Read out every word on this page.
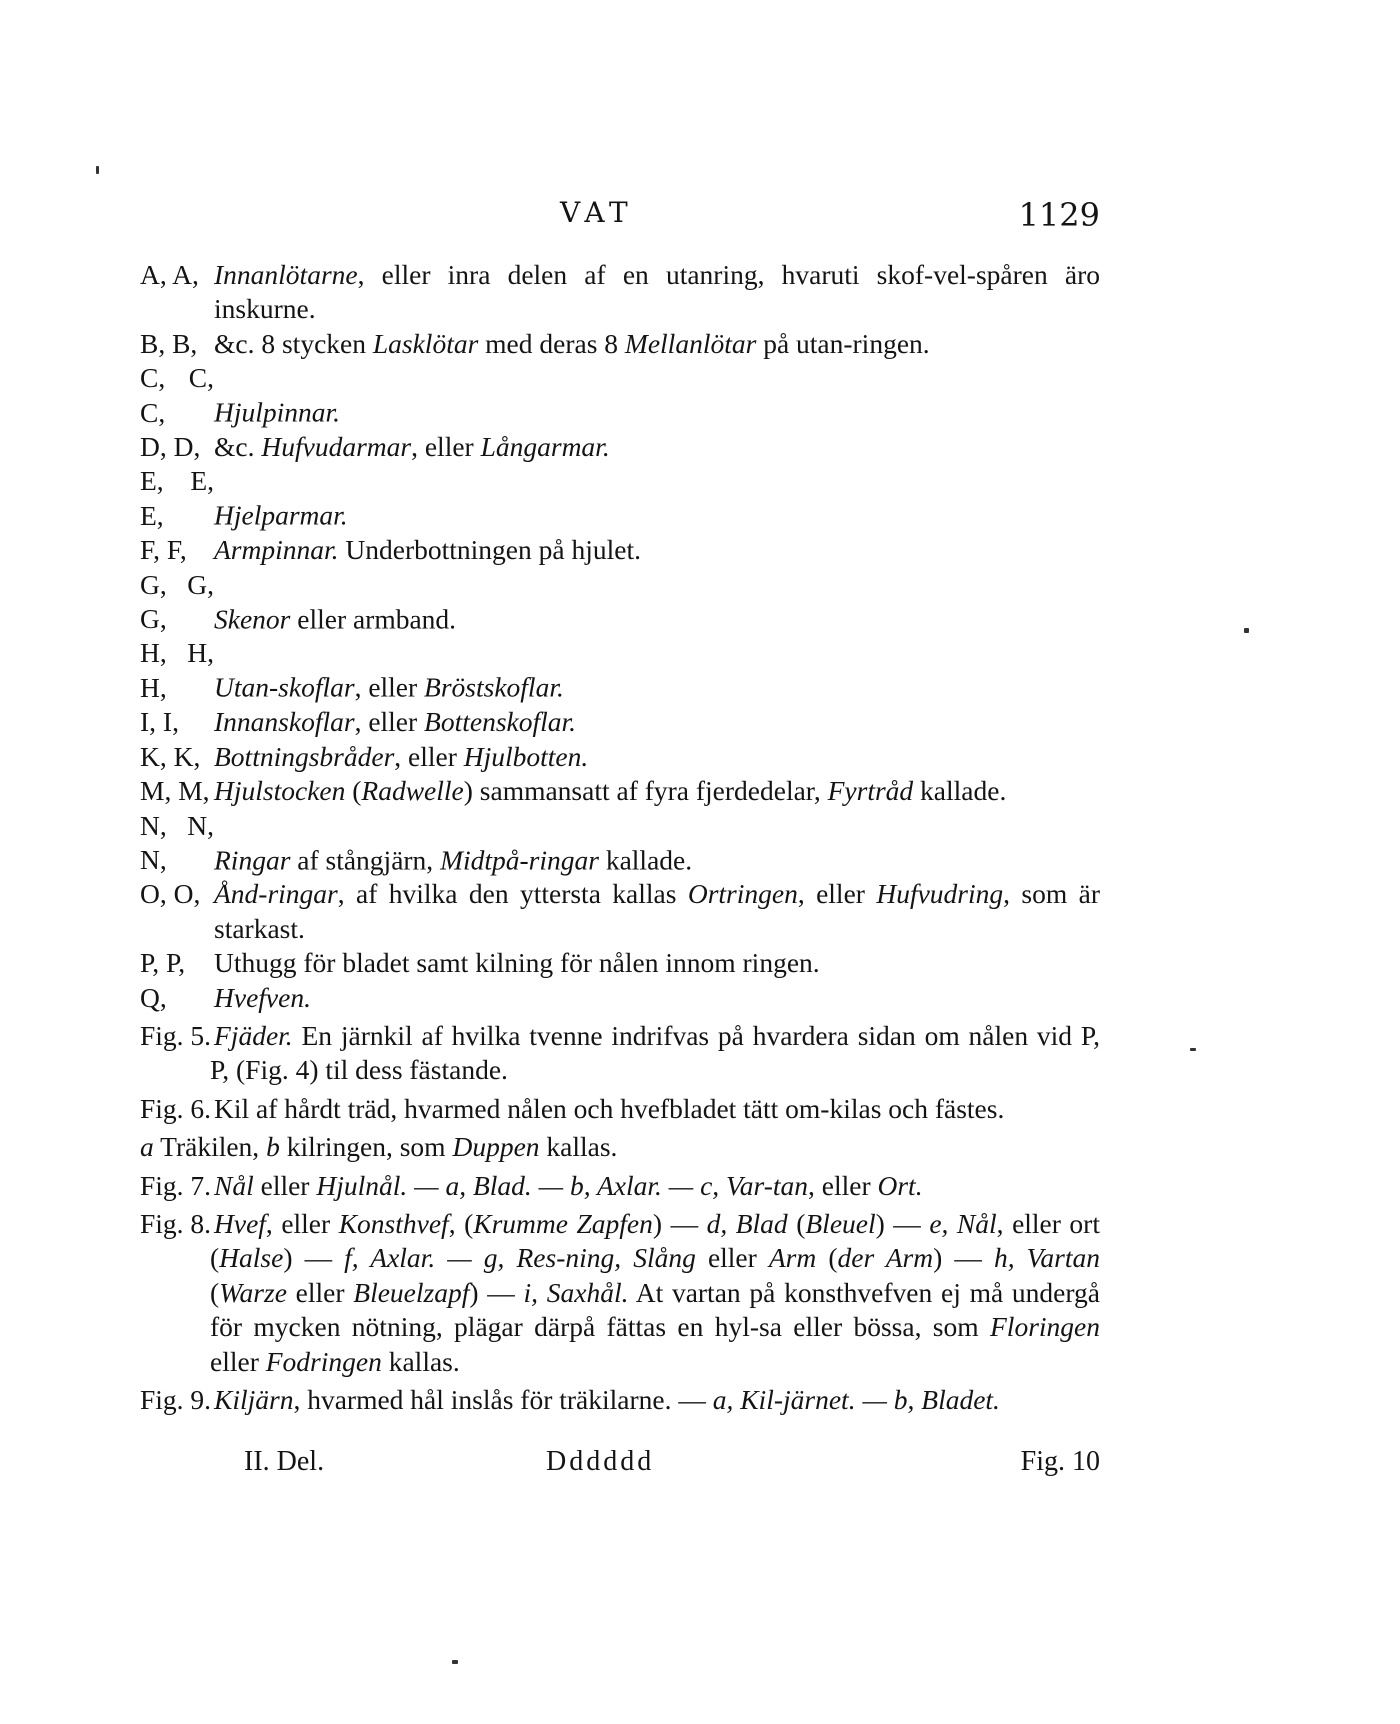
VAT	1129
A, A, Innanlötarne, eller inra delen af en utanring, hvaruti skof-vel-spåren äro inskurne.
B, B, &c. 8 stycken Lasklötar med deras 8 Mellanlötar på utan-ringen.
C, C, C, Hjulpinnar.
D, D, &c. Hufvudarmar, eller Långarmar.
E, E, E, Hjelparmar.
F, F, Armpinnar. Underbottningen på hjulet.
G, G, G, Skenor eller armband.
H, H, H, Utan-skoflar, eller Bröstskoflar.
I, I, Innanskoflar, eller Bottenskoflar.
K, K, Bottningsbråder, eller Hjulbotten.
M, M, Hjulstocken (Radwelle) sammansatt af fyra fjerdedelar, Fyrtråd kallade.
N, N, N, Ringar af stångjärn, Midtpå-ringar kallade.
O, O, Ånd-ringar, af hvilka den yttersta kallas Ortringen, eller Hufvudring, som är starkast.
P, P, Uthugg för bladet samt kilning för nålen innom ringen.
Q, Hvefven.
Fig. 5. Fjäder. En järnkil af hvilka tvenne indrifvas på hvardera sidan om nålen vid P, P, (Fig. 4) til dess fästande.
Fig. 6. Kil af hårdt träd, hvarmed nålen och hvefbladet tätt om-kilas och fästes.
a Träkilen, b kilringen, som Duppen kallas.
Fig. 7. Nål eller Hjulnål. — a, Blad. — b, Axlar. — c, Var-tan, eller Ort.
Fig. 8. Hvef, eller Konsthvef, (Krumme Zapfen) — d, Blad (Bleuel) — e, Nål, eller ort (Halse) — f, Axlar. — g, Res-ning, Slång eller Arm (der Arm) — h, Vartan (Warze eller Bleuelzapf) — i, Saxhål. At vartan på konsthvefven ej må undergå för mycken nötning, plägar därpå fättas en hyl-sa eller bössa, som Floringen eller Fodringen kallas.
Fig. 9. Kiljärn, hvarmed hål inslås för träkilarne. — a, Kil-järnet. — b, Bladet.
II. Del.	Dddddd	Fig. 10
